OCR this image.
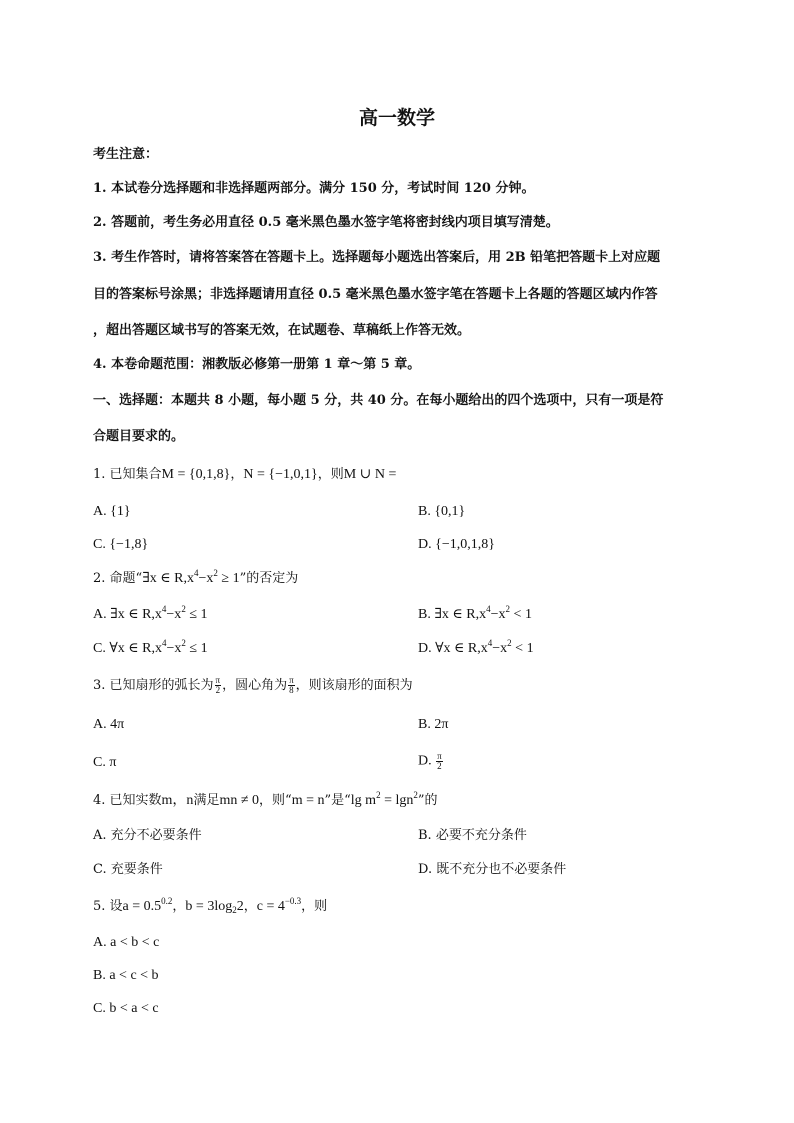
高一数学
考生注意：
1. 本试卷分选择题和非选择题两部分。满分 150 分，考试时间 120 分钟。
2. 答题前，考生务必用直径 0.5 毫米黑色墨水签字笔将密封线内项目填写清楚。
3. 考生作答时，请将答案答在答题卡上。选择题每小题选出答案后，用 2B 铅笔把答题卡上对应题
目的答案标号涂黑；非选择题请用直径 0.5 毫米黑色墨水签字笔在答题卡上各题的答题区域内作答
，超出答题区域书写的答案无效，在试题卷、草稿纸上作答无效。
4. 本卷命题范围：湘教版必修第一册第 1 章～第 5 章。
一、选择题：本题共 8 小题，每小题 5 分，共 40 分。在每小题给出的四个选项中，只有一项是符
合题目要求的。
1. 已知集合M = {0,1,8}，N = {−1,0,1}，则M ∪ N =
A. {1}	B. {0,1}
C. {−1,8}	D. {−1,0,1,8}
2. 命题“∃x ∈ $R,x^4-x^2 \ge 1$”的否定为
A. ∃x ∈ $R,x^4-x^2 \le 1$	B. ∃x ∈ $R,x^4-x^2 < 1$
C. ∀x ∈ $R,x^4-x^2 \le 1$	D. ∀x ∈ $R,x^4-x^2 < 1$
3. 已知扇形的弧长为 $\frac{\pi}{2}$ ，圆心角为 $\frac{\pi}{8}$ ，则该扇形的面积为
A. 4π	B. 2π
C. π	D. $\frac{\pi}{2}$
4. 已知实数m，n满足mn ≠ 0，则“m = n”是“lg $m^2 = \lg n^2$”的
A. 充分不必要条件	B. 必要不充分条件
C. 充要条件	D. 既不充分也不必要条件
5. 设$a = 0.5^{0.2}$，$b = 3\log_22$，$c = 4^{-0.3}$，则
A. a < b < c
B. a < c < b
C. b < a < c
